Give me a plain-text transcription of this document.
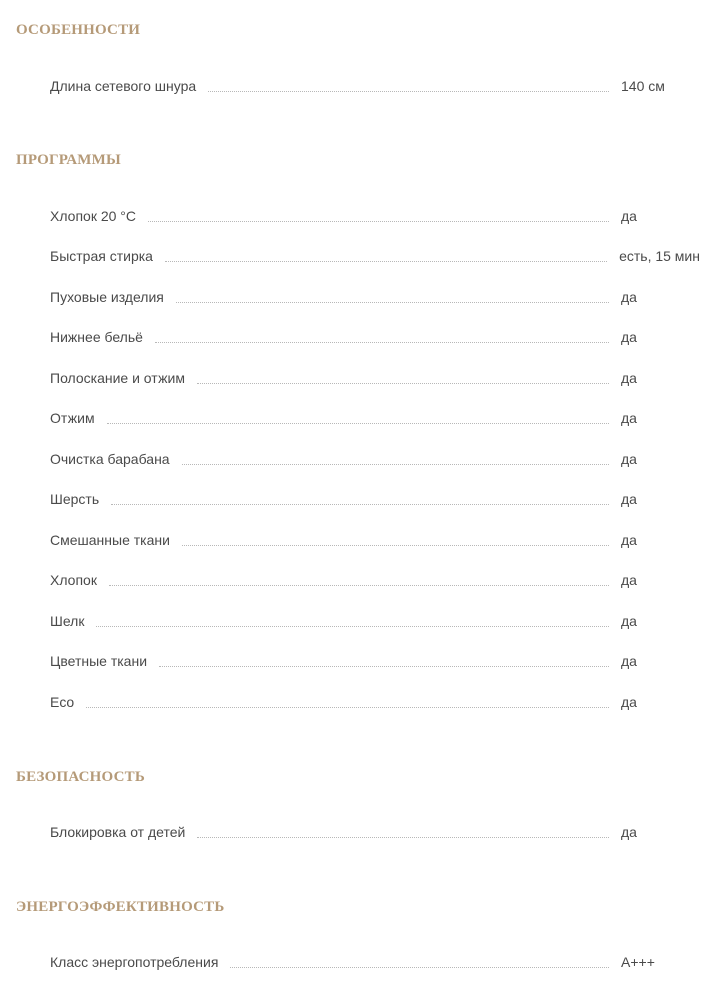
ОСОБЕННОСТИ
Длина сетевого шнура	140 см
ПРОГРАММЫ
Хлопок 20 °C	да
Быстрая стирка	есть, 15 мин
Пуховые изделия	да
Нижнее бельё	да
Полоскание и отжим	да
Отжим	да
Очистка барабана	да
Шерсть	да
Смешанные ткани	да
Хлопок	да
Шелк	да
Цветные ткани	да
Eco	да
БЕЗОПАСНОСТЬ
Блокировка от детей	да
ЭНЕРГОЭФФЕКТИВНОСТЬ
Класс энергопотребления	A+++
